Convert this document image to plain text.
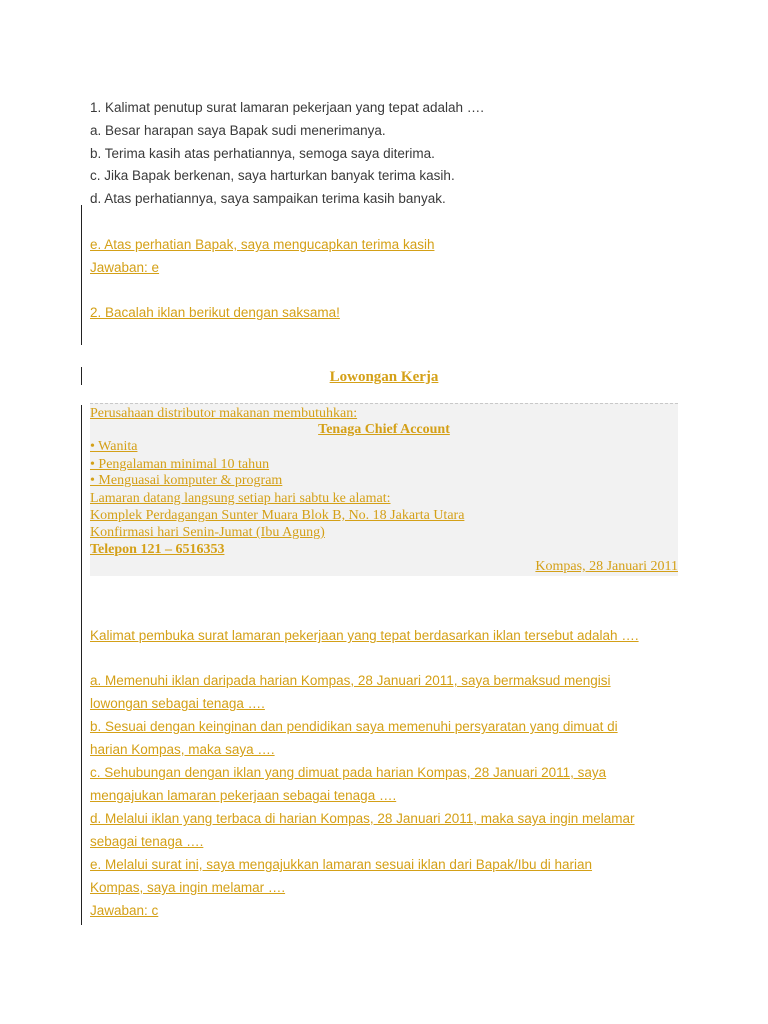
1. Kalimat penutup surat lamaran pekerjaan yang tepat adalah ….
a. Besar harapan saya Bapak sudi menerimanya.
b. Terima kasih atas perhatiannya, semoga saya diterima.
c. Jika Bapak berkenan, saya harturkan banyak terima kasih.
d. Atas perhatiannya, saya sampaikan terima kasih banyak.
e. Atas perhatian Bapak, saya mengucapkan terima kasih
Jawaban: e
2. Bacalah iklan berikut dengan saksama!
Lowongan Kerja
Perusahaan distributor makanan membutuhkan:
Tenaga Chief Account
• Wanita
• Pengalaman minimal 10 tahun
• Menguasai komputer & program
Lamaran datang langsung setiap hari sabtu ke alamat:
Komplek Perdagangan Sunter Muara Blok B, No. 18 Jakarta Utara
Konfirmasi hari Senin-Jumat (Ibu Agung)
Telepon 121 – 6516353
Kompas, 28 Januari 2011
Kalimat pembuka surat lamaran pekerjaan yang tepat berdasarkan iklan tersebut adalah ….
a. Memenuhi iklan daripada harian Kompas, 28 Januari 2011, saya bermaksud mengisi
lowongan sebagai tenaga ….
b. Sesuai dengan keinginan dan pendidikan saya memenuhi persyaratan yang dimuat di
harian Kompas, maka saya ….
c. Sehubungan dengan iklan yang dimuat pada harian Kompas, 28 Januari 2011, saya
mengajukan lamaran pekerjaan sebagai tenaga ….
d. Melalui iklan yang terbaca di harian Kompas, 28 Januari 2011, maka saya ingin melamar
sebagai tenaga ….
e. Melalui surat ini, saya mengajukkan lamaran sesuai iklan dari Bapak/Ibu di harian
Kompas, saya ingin melamar ….
Jawaban: c
